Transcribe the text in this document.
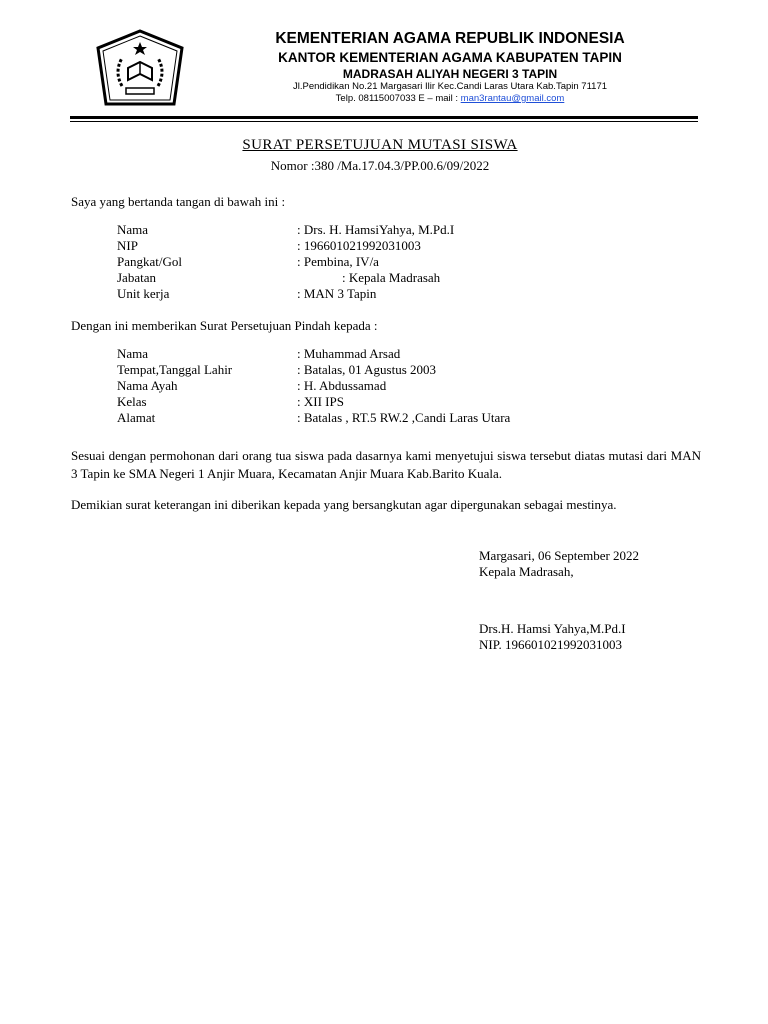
KEMENTERIAN AGAMA REPUBLIK INDONESIA
KANTOR KEMENTERIAN AGAMA KABUPATEN TAPIN
MADRASAH ALIYAH NEGERI 3 TAPIN
Jl.Pendidikan No.21 Margasari Ilir Kec.Candi Laras Utara Kab.Tapin 71171
Telp. 08115007033 E – mail : man3rantau@gmail.com
SURAT PERSETUJUAN MUTASI SISWA
Nomor :380 /Ma.17.04.3/PP.00.6/09/2022
Saya yang bertanda tangan di bawah ini :
Nama	: Drs. H. HamsiYahya, M.Pd.I
NIP	: 196601021992031003
Pangkat/Gol	: Pembina, IV/a
Jabatan	: Kepala Madrasah
Unit kerja	: MAN 3 Tapin
Dengan ini memberikan Surat Persetujuan Pindah kepada :
Nama	: Muhammad Arsad
Tempat,Tanggal Lahir	: Batalas, 01 Agustus 2003
Nama Ayah	: H. Abdussamad
Kelas	: XII IPS
Alamat	: Batalas , RT.5 RW.2 ,Candi Laras Utara
Sesuai dengan permohonan dari orang tua siswa pada dasarnya kami menyetujui siswa tersebut diatas mutasi dari MAN 3 Tapin ke SMA Negeri 1 Anjir Muara, Kecamatan Anjir Muara Kab.Barito Kuala.
Demikian surat keterangan ini diberikan kepada yang bersangkutan agar dipergunakan sebagai mestinya.
Margasari, 06 September 2022
Kepala Madrasah,
Drs.H. Hamsi Yahya,M.Pd.I
NIP. 196601021992031003
